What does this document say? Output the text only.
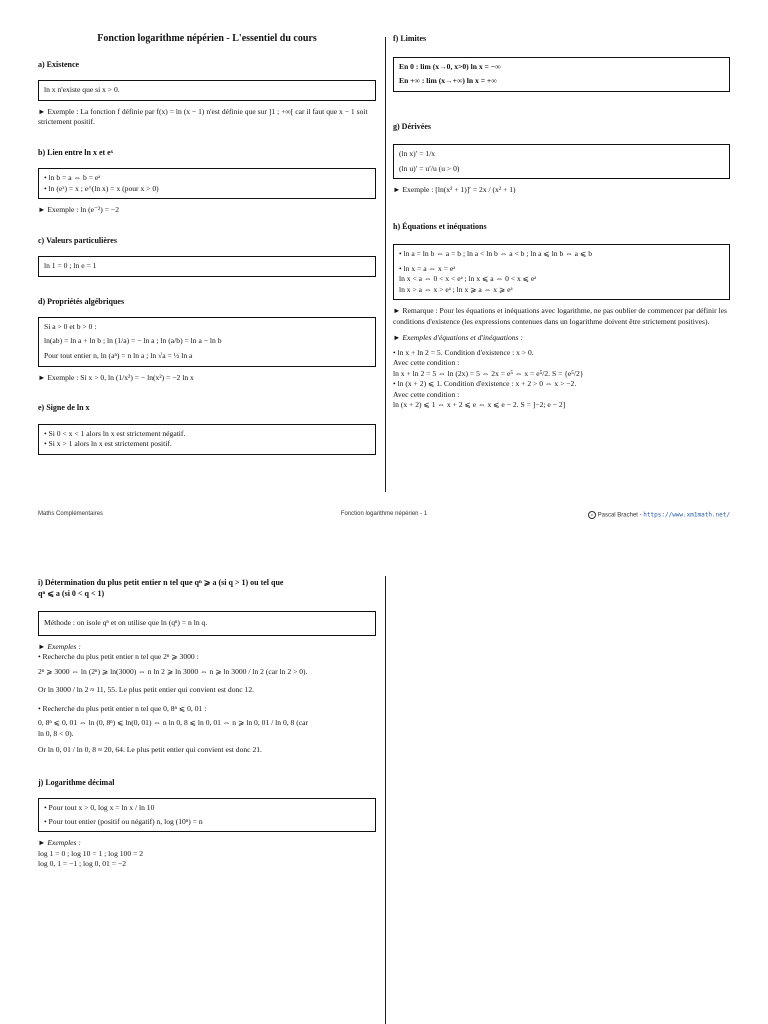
Fonction logarithme népérien - L'essentiel du cours
a) Existence
ln x n'existe que si x > 0.
► Exemple : La fonction f définie par f(x) = ln (x − 1) n'est définie que sur ]1 ; +∞[ car il faut que x − 1 soit strictement positif.
b) Lien entre ln x et eˣ
• ln b = a ⇔ b = eᵃ
• ln (eˣ) = x ; e^(ln x) = x (pour x > 0)
► Exemple : ln (e⁻²) = −2
c) Valeurs particulières
ln 1 = 0 ; ln e = 1
d) Propriétés algébriques
Si a > 0 et b > 0 :
ln(ab) = ln a + ln b ; ln (1/a) = − ln a ; ln (a/b) = ln a − ln b
Pour tout entier n, ln (aⁿ) = n ln a ; ln √a = ½ ln a
► Exemple : Si x > 0, ln (1/x²) = − ln(x²) = −2 ln x
e) Signe de ln x
• Si 0 < x < 1 alors ln x est strictement négatif.
• Si x > 1 alors ln x est strictement positif.
f) Limites
En 0 : lim (x→0, x>0) ln x = −∞
En +∞ : lim (x→+∞) ln x = +∞
g) Dérivées
(ln x)′ = 1/x
(ln u)′ = u′/u (u > 0)
► Exemple : [ln(x² + 1)]′ = 2x / (x² + 1)
h) Équations et inéquations
• ln a = ln b ⇔ a = b ; ln a < ln b ⇔ a < b ; ln a ⩽ ln b ⇔ a ⩽ b
• ln x = a ⇔ x = eᵃ
ln x < a ⇔ 0 < x < eᵃ ; ln x ⩽ a ⇔ 0 < x ⩽ eᵃ
ln x > a ⇔ x > eᵃ ; ln x ⩾ a ⇔ x ⩾ eᵃ
► Remarque : Pour les équations et inéquations avec logarithme, ne pas oublier de commencer par définir les conditions d'existence (les expressions contenues dans un logarithme doivent être strictement positives).
► Exemples d'équations et d'inéquations :
• ln x + ln 2 = 5. Condition d'existence : x > 0.
Avec cette condition :
ln x + ln 2 = 5 ⇔ ln (2x) = 5 ⇔ 2x = e⁵ ⇔ x = e⁵/2. S = {e⁵/2}
• ln (x + 2) ⩽ 1. Condition d'existence : x + 2 > 0 ⇔ x > −2.
Avec cette condition :
ln (x + 2) ⩽ 1 ⇔ x + 2 ⩽ e ⇔ x ⩽ e − 2. S = ]−2; e − 2]
Maths Complémentaires	Fonction logarithme népérien - 1	c Pascal Brachet - https://www.xm1math.net/
i) Détermination du plus petit entier n tel que qⁿ ⩾ a (si q > 1) ou tel que
qⁿ ⩽ a (si 0 < q < 1)
Méthode : on isole qⁿ et on utilise que ln (qⁿ) = n ln q.
► Exemples :
• Recherche du plus petit entier n tel que 2ⁿ ⩾ 3000 :
2ⁿ ⩾ 3000 ⇔ ln (2ⁿ) ⩾ ln(3000) ⇔ n ln 2 ⩾ ln 3000 ⇔ n ⩾ ln 3000 / ln 2 (car ln 2 > 0).
Or ln 3000 / ln 2 ≈ 11, 55. Le plus petit entier qui convient est donc 12.
• Recherche du plus petit entier n tel que 0, 8ⁿ ⩽ 0, 01 :
0, 8ⁿ ⩽ 0, 01 ⇔ ln (0, 8ⁿ) ⩽ ln(0, 01) ⇔ n ln 0, 8 ⩽ ln 0, 01 ⇔ n ⩾ ln 0, 01 / ln 0, 8 (car
ln 0, 8 < 0).
Or ln 0, 01 / ln 0, 8 ≈ 20, 64. Le plus petit entier qui convient est donc 21.
j) Logarithme décimal
• Pour tout x > 0, log x = ln x / ln 10
• Pour tout entier (positif ou négatif) n, log (10ⁿ) = n
► Exemples :
log 1 = 0 ; log 10 = 1 ; log 100 = 2
log 0, 1 = −1 ; log 0, 01 = −2
